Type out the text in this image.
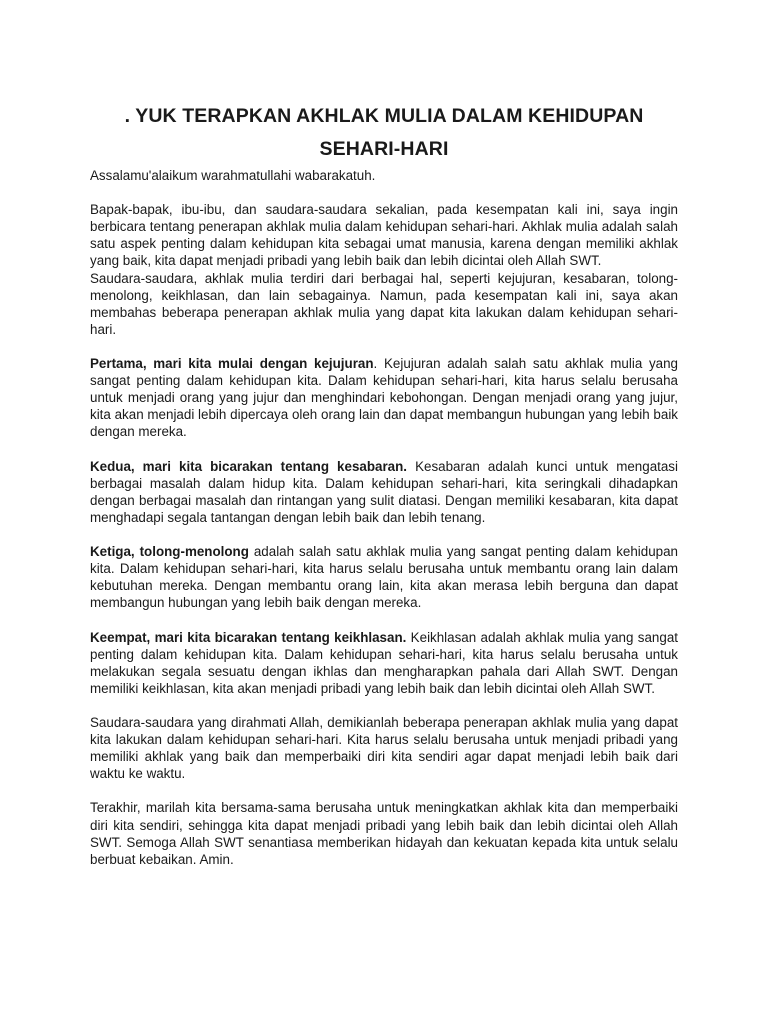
. YUK TERAPKAN AKHLAK MULIA DALAM KEHIDUPAN
SEHARI-HARI

Assalamu'alaikum warahmatullahi wabarakatuh.

Bapak-bapak, ibu-ibu, dan saudara-saudara sekalian, pada kesempatan kali ini, saya ingin berbicara tentang penerapan akhlak mulia dalam kehidupan sehari-hari. Akhlak mulia adalah salah satu aspek penting dalam kehidupan kita sebagai umat manusia, karena dengan memiliki akhlak yang baik, kita dapat menjadi pribadi yang lebih baik dan lebih dicintai oleh Allah SWT.

Saudara-saudara, akhlak mulia terdiri dari berbagai hal, seperti kejujuran, kesabaran, tolong-menolong, keikhlasan, dan lain sebagainya. Namun, pada kesempatan kali ini, saya akan membahas beberapa penerapan akhlak mulia yang dapat kita lakukan dalam kehidupan sehari-hari.

Pertama, mari kita mulai dengan kejujuran. Kejujuran adalah salah satu akhlak mulia yang sangat penting dalam kehidupan kita. Dalam kehidupan sehari-hari, kita harus selalu berusaha untuk menjadi orang yang jujur dan menghindari kebohongan. Dengan menjadi orang yang jujur, kita akan menjadi lebih dipercaya oleh orang lain dan dapat membangun hubungan yang lebih baik dengan mereka.

Kedua, mari kita bicarakan tentang kesabaran. Kesabaran adalah kunci untuk mengatasi berbagai masalah dalam hidup kita. Dalam kehidupan sehari-hari, kita seringkali dihadapkan dengan berbagai masalah dan rintangan yang sulit diatasi. Dengan memiliki kesabaran, kita dapat menghadapi segala tantangan dengan lebih baik dan lebih tenang.

Ketiga, tolong-menolong adalah salah satu akhlak mulia yang sangat penting dalam kehidupan kita. Dalam kehidupan sehari-hari, kita harus selalu berusaha untuk membantu orang lain dalam kebutuhan mereka. Dengan membantu orang lain, kita akan merasa lebih berguna dan dapat membangun hubungan yang lebih baik dengan mereka.

Keempat, mari kita bicarakan tentang keikhlasan. Keikhlasan adalah akhlak mulia yang sangat penting dalam kehidupan kita. Dalam kehidupan sehari-hari, kita harus selalu berusaha untuk melakukan segala sesuatu dengan ikhlas dan mengharapkan pahala dari Allah SWT. Dengan memiliki keikhlasan, kita akan menjadi pribadi yang lebih baik dan lebih dicintai oleh Allah SWT.

Saudara-saudara yang dirahmati Allah, demikianlah beberapa penerapan akhlak mulia yang dapat kita lakukan dalam kehidupan sehari-hari. Kita harus selalu berusaha untuk menjadi pribadi yang memiliki akhlak yang baik dan memperbaiki diri kita sendiri agar dapat menjadi lebih baik dari waktu ke waktu.

Terakhir, marilah kita bersama-sama berusaha untuk meningkatkan akhlak kita dan memperbaiki diri kita sendiri, sehingga kita dapat menjadi pribadi yang lebih baik dan lebih dicintai oleh Allah SWT. Semoga Allah SWT senantiasa memberikan hidayah dan kekuatan kepada kita untuk selalu berbuat kebaikan. Amin.
